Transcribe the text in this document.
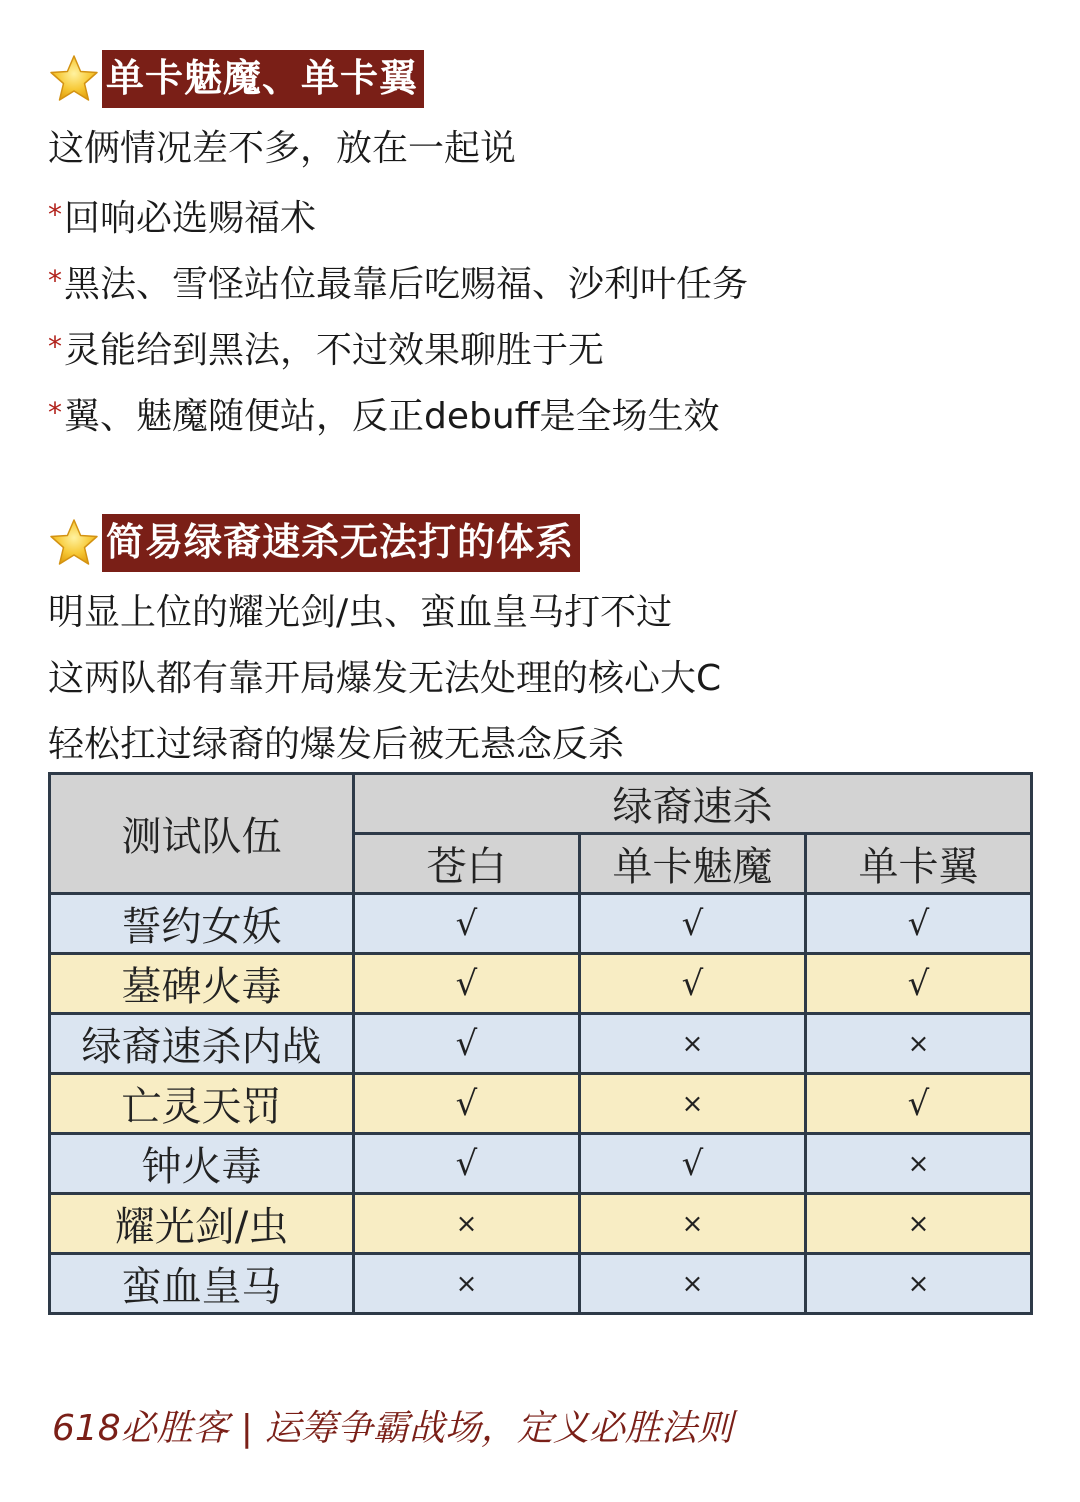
单卡魅魔、单卡翼
这俩情况差不多，放在一起说
*回响必选赐福术
*黑法、雪怪站位最靠后吃赐福、沙利叶任务
*灵能给到黑法，不过效果聊胜于无
*翼、魅魔随便站，反正debuff是全场生效
简易绿裔速杀无法打的体系
明显上位的耀光剑/虫、蛮血皇马打不过
这两队都有靠开局爆发无法处理的核心大C
轻松扛过绿裔的爆发后被无悬念反杀
测试队伍	绿裔速杀		
	苍白	单卡魅魔	单卡翼
誓约女妖	√	√	√
墓碑火毒	√	√	√
绿裔速杀内战	√	×	×
亡灵天罚	√	×	√
钟火毒	√	√	×
耀光剑/虫	×	×	×
蛮血皇马	×	×	×
618必胜客 | 运筹争霸战场，定义必胜法则
